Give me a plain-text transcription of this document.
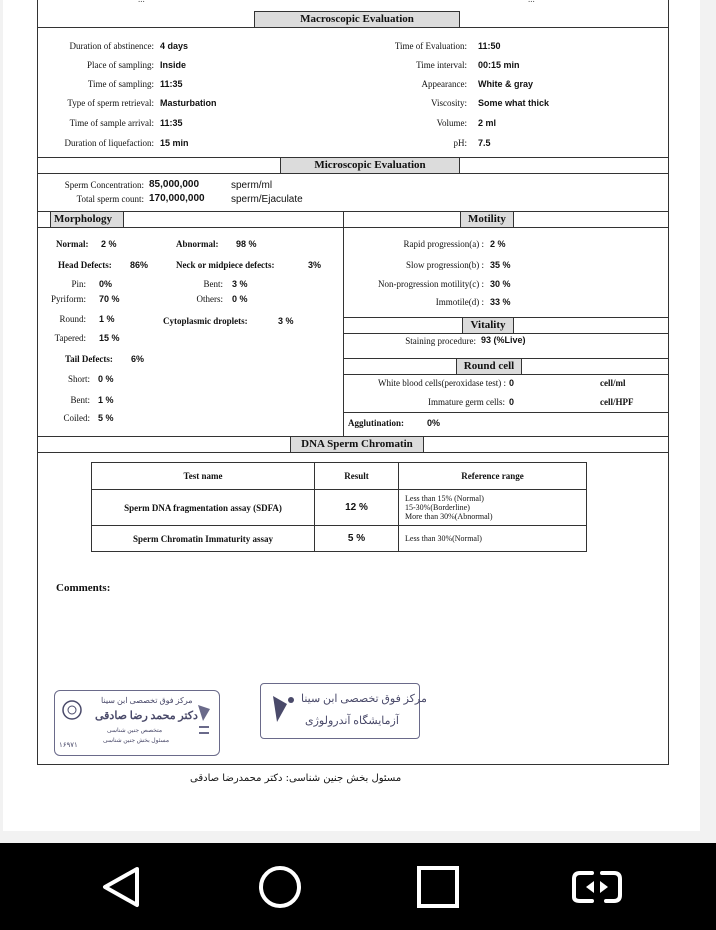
Macroscopic Evaluation
Duration of abstinence: 4 days
Place of sampling: Inside
Time of sampling: 11:35
Type of sperm retrieval: Masturbation
Time of sample arrival: 11:35
Duration of liquefaction: 15 min
Time of Evaluation: 11:50
Time interval: 00:15 min
Appearance: White & gray
Viscosity: Some what thick
Volume: 2 ml
pH: 7.5
Microscopic Evaluation
Sperm Concentration: 85,000,000	sperm/ml
Total sperm count: 170,000,000	sperm/Ejaculate
Morphology	Motility
Normal: 2 %	Abnormal: 98 %
Head Defects: 86%	Neck or midpiece defects:	3%
Pin: 0%	Bent: 3 %
Pyriform: 70 %	Others: 0 %
Round: 1 %	Cytoplasmic droplets:	3 %
Tapered: 15 %
Tail Defects: 6%
Short: 0 %
Bent: 1 %
Coiled: 5 %
Rapid progression(a) : 2 %
Slow progression(b) : 35 %
Non-progression motility(c) : 30 %
Immotile(d) : 33 %
Vitality
Staining procedure: 93 (%Live)
Round cell
White blood cells(peroxidase test) : 0	cell/ml
Immature germ cells: 0	cell/HPF
Agglutination:	0%
DNA Sperm Chromatin
Test name	Result	Reference range
Sperm DNA fragmentation assay (SDFA)	12 %	Less than 15% (Normal)
15-30%(Borderline)
More than 30%(Abnormal)

Sperm Chromatin Immaturity assay	5 %	Less than 30%(Normal)
Comments:
مرکز فوق تخصصی ابن سینا
دکتر محمد رضا صادقی
متخصص جنین شناسی
مسئول بخش جنین شناسی
۱۶۹۷۱
مرکز فوق تخصصی ابن سینا
آزمایشگاه آندرولوژی
مسئول بخش جنین شناسی: دکتر محمدرضا صادقی
